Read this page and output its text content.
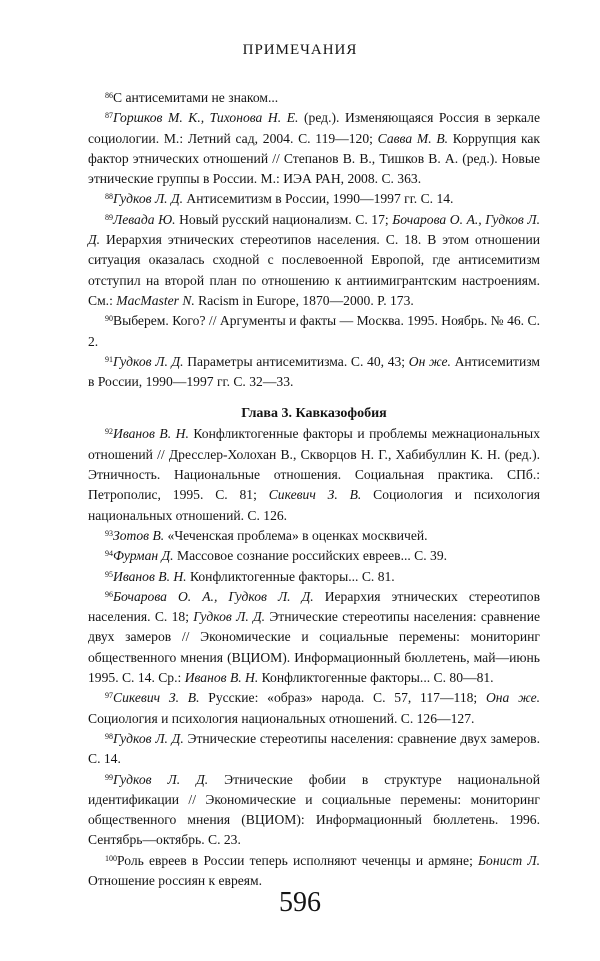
ПРИМЕЧАНИЯ

$^{86}$С антисемитами не знаком...

$^{87}$Горшков М. К., Тихонова Н. Е. (ред.). Изменяющаяся Россия в зеркале социологии. М.: Летний сад, 2004. С. 119—120; Савва М. В. Коррупция как фактор этнических отношений // Степанов В. В., Тишков В. А. (ред.). Новые этнические группы в России. М.: ИЭА РАН, 2008. С. 363.

$^{88}$Гудков Л. Д. Антисемитизм в России, 1990—1997 гг. С. 14.

$^{89}$Левада Ю. Новый русский национализм. С. 17; Бочарова О. А., Гудков Л. Д. Иерархия этнических стереотипов населения. С. 18. В этом отношении ситуация оказалась сходной с послевоенной Европой, где антисемитизм отступил на второй план по отношению к антиимигрантским настроениям. См.: MacMaster N. Racism in Europe, 1870—2000. P. 173.

$^{90}$Выберем. Кого? // Аргументы и факты — Москва. 1995. Ноябрь. № 46. С. 2.

$^{91}$Гудков Л. Д. Параметры антисемитизма. С. 40, 43; Он же. Антисемитизм в России, 1990—1997 гг. С. 32—33.

Глава 3. Кавказофобия

$^{92}$Иванов В. Н. Конфликтогенные факторы и проблемы межнациональных отношений // Дресслер-Холохан В., Скворцов Н. Г., Хабибуллин К. Н. (ред.). Этничность. Национальные отношения. Социальная практика. СПб.: Петрополис, 1995. С. 81; Сикевич З. В. Социология и психология национальных отношений. С. 126.

$^{93}$Зотов В. «Чеченская проблема» в оценках москвичей.

$^{94}$Фурман Д. Массовое сознание российских евреев... С. 39.

$^{95}$Иванов В. Н. Конфликтогенные факторы... С. 81.

$^{96}$Бочарова О. А., Гудков Л. Д. Иерархия этнических стереотипов населения. С. 18; Гудков Л. Д. Этнические стереотипы населения: сравнение двух замеров // Экономические и социальные перемены: мониторинг общественного мнения (ВЦИОМ). Информационный бюллетень, май—июнь 1995. С. 14. Ср.: Иванов В. Н. Конфликтогенные факторы... С. 80—81.

$^{97}$Сикевич З. В. Русские: «образ» народа. С. 57, 117—118; Она же. Социология и психология национальных отношений. С. 126—127.

$^{98}$Гудков Л. Д. Этнические стереотипы населения: сравнение двух замеров. С. 14.

$^{99}$Гудков Л. Д. Этнические фобии в структуре национальной идентификации // Экономические и социальные перемены: мониторинг общественного мнения (ВЦИОМ): Информационный бюллетень. 1996. Сентябрь—октябрь. С. 23.

$^{100}$Роль евреев в России теперь исполняют чеченцы и армяне; Бонист Л. Отношение россиян к евреям.

596
